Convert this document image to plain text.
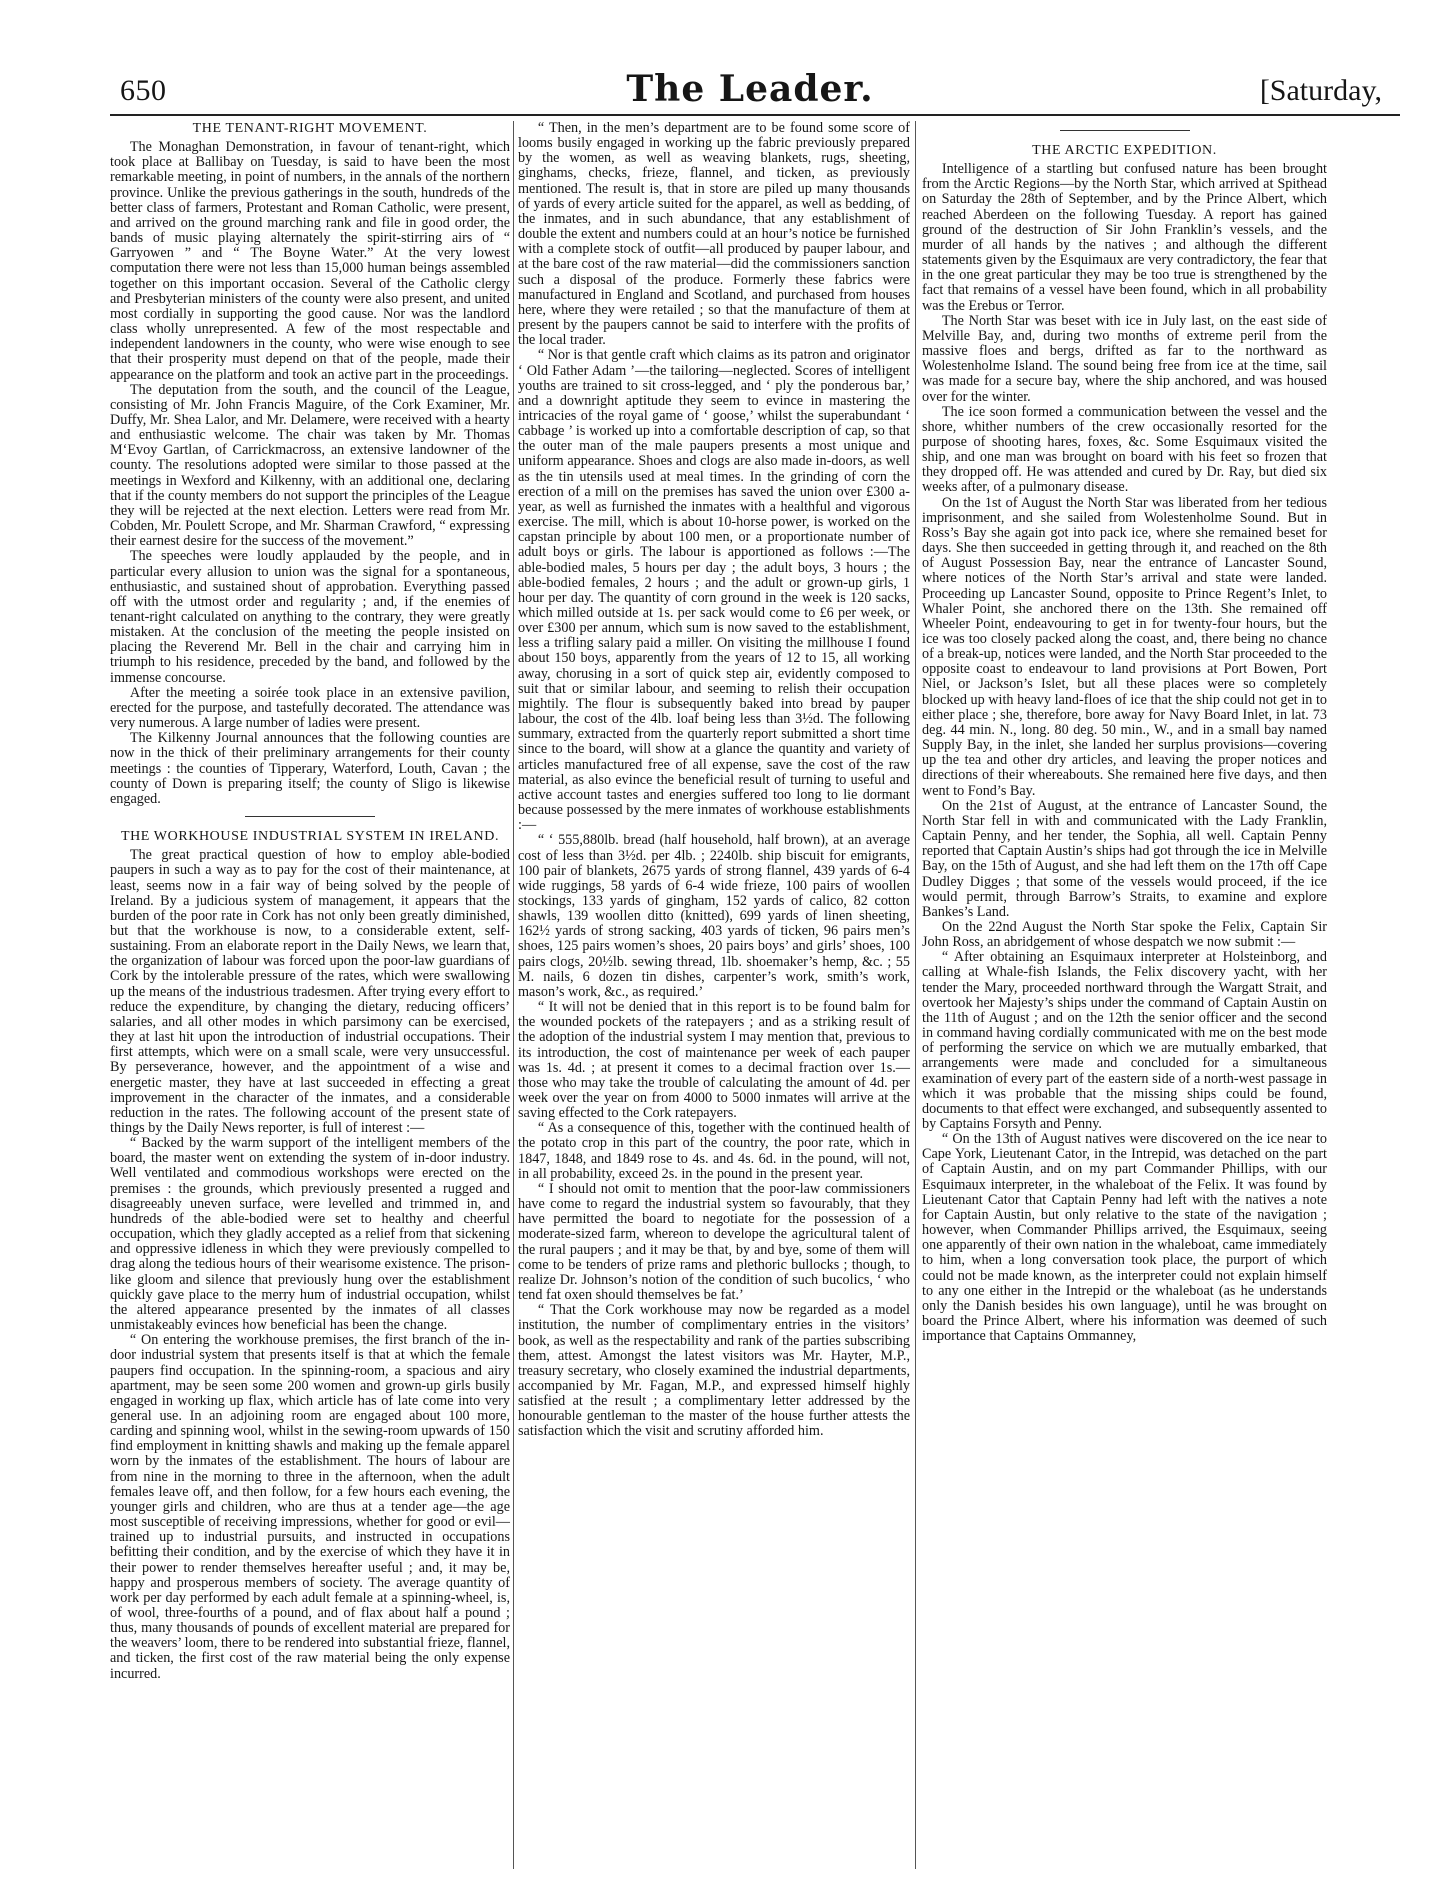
650	The Leader.	[Saturday,
THE TENANT-RIGHT MOVEMENT.

The Monaghan Demonstration, in favour of tenant-right, which took place at Ballibay on Tuesday, is said to have been the most remarkable meeting, in point of numbers, in the annals of the northern province. Unlike the previous gatherings in the south, hundreds of the better class of farmers, Protestant and Roman Catholic, were present, and arrived on the ground marching rank and file in good order, the bands of music playing alternately the spirit-stirring airs of “ Garryowen ” and “ The Boyne Water.” At the very lowest computation there were not less than 15,000 human beings assembled together on this important occasion. Several of the Catholic clergy and Presbyterian ministers of the county were also present, and united most cordially in supporting the good cause. Nor was the landlord class wholly unrepresented. A few of the most respectable and independent landowners in the county, who were wise enough to see that their prosperity must depend on that of the people, made their appearance on the platform and took an active part in the proceedings.

The deputation from the south, and the council of the League, consisting of Mr. John Francis Maguire, of the Cork Examiner, Mr. Duffy, Mr. Shea Lalor, and Mr. Delamere, were received with a hearty and enthusiastic welcome. The chair was taken by Mr. Thomas M‘Evoy Gartlan, of Carrickmacross, an extensive landowner of the county. The resolutions adopted were similar to those passed at the meetings in Wexford and Kilkenny, with an additional one, declaring that if the county members do not support the principles of the League they will be rejected at the next election. Letters were read from Mr. Cobden, Mr. Poulett Scrope, and Mr. Sharman Crawford, “ expressing their earnest desire for the success of the movement.”

The speeches were loudly applauded by the people, and in particular every allusion to union was the signal for a spontaneous, enthusiastic, and sustained shout of approbation. Everything passed off with the utmost order and regularity ; and, if the enemies of tenant-right calculated on anything to the contrary, they were greatly mistaken. At the conclusion of the meeting the people insisted on placing the Reverend Mr. Bell in the chair and carrying him in triumph to his residence, preceded by the band, and followed by the immense concourse.

After the meeting a soirée took place in an extensive pavilion, erected for the purpose, and tastefully decorated. The attendance was very numerous. A large number of ladies were present.

The Kilkenny Journal announces that the following counties are now in the thick of their preliminary arrangements for their county meetings : the counties of Tipperary, Waterford, Louth, Cavan ; the county of Down is preparing itself; the county of Sligo is likewise engaged.

THE WORKHOUSE INDUSTRIAL SYSTEM IN IRELAND.

The great practical question of how to employ able-bodied paupers in such a way as to pay for the cost of their maintenance, at least, seems now in a fair way of being solved by the people of Ireland. By a judicious system of management, it appears that the burden of the poor rate in Cork has not only been greatly diminished, but that the workhouse is now, to a considerable extent, self-sustaining. From an elaborate report in the Daily News, we learn that, the organization of labour was forced upon the poor-law guardians of Cork by the intolerable pressure of the rates, which were swallowing up the means of the industrious tradesmen. After trying every effort to reduce the expenditure, by changing the dietary, reducing officers’ salaries, and all other modes in which parsimony can be exercised, they at last hit upon the introduction of industrial occupations. Their first attempts, which were on a small scale, were very unsuccessful. By perseverance, however, and the appointment of a wise and energetic master, they have at last succeeded in effecting a great improvement in the character of the inmates, and a considerable reduction in the rates. The following account of the present state of things by the Daily News reporter, is full of interest :—

“ Backed by the warm support of the intelligent members of the board, the master went on extending the system of in-door industry. Well ventilated and commodious workshops were erected on the premises : the grounds, which previously presented a rugged and disagreeably uneven surface, were levelled and trimmed in, and hundreds of the able-bodied were set to healthy and cheerful occupation, which they gladly accepted as a relief from that sickening and oppressive idleness in which they were previously compelled to drag along the tedious hours of their wearisome existence. The prison-like gloom and silence that previously hung over the establishment quickly gave place to the merry hum of industrial occupation, whilst the altered appearance presented by the inmates of all classes unmistakeably evinces how beneficial has been the change.

“ On entering the workhouse premises, the first branch of the in-door industrial system that presents itself is that at which the female paupers find occupation. In the spinning-room, a spacious and airy apartment, may be seen some 200 women and grown-up girls busily engaged in working up flax, which article has of late come into very general use. In an adjoining room are engaged about 100 more, carding and spinning wool, whilst in the sewing-room upwards of 150 find employment in knitting shawls and making up the female apparel worn by the inmates of the establishment. The hours of labour are from nine in the morning to three in the afternoon, when the adult females leave off, and then follow, for a few hours each evening, the younger girls and children, who are thus at a tender age—the age most susceptible of receiving impressions, whether for good or evil—trained up to industrial pursuits, and instructed in occupations befitting their condition, and by the exercise of which they have it in their power to render themselves hereafter useful ; and, it may be, happy and prosperous members of society. The average quantity of work per day performed by each adult female at a spinning-wheel, is, of wool, three-fourths of a pound, and of flax about half a pound ; thus, many thousands of pounds of excellent material are prepared for the weavers’ loom, there to be rendered into substantial frieze, flannel, and ticken, the first cost of the raw material being the only expense incurred.

“ Then, in the men’s department are to be found some score of looms busily engaged in working up the fabric previously prepared by the women, as well as weaving blankets, rugs, sheeting, ginghams, checks, frieze, flannel, and ticken, as previously mentioned. The result is, that in store are piled up many thousands of yards of every article suited for the apparel, as well as bedding, of the inmates, and in such abundance, that any establishment of double the extent and numbers could at an hour’s notice be furnished with a complete stock of outfit—all produced by pauper labour, and at the bare cost of the raw material—did the commissioners sanction such a disposal of the produce. Formerly these fabrics were manufactured in England and Scotland, and purchased from houses here, where they were retailed ; so that the manufacture of them at present by the paupers cannot be said to interfere with the profits of the local trader.

“ Nor is that gentle craft which claims as its patron and originator ‘ Old Father Adam ’—the tailoring—neglected. Scores of intelligent youths are trained to sit cross-legged, and ‘ ply the ponderous bar,’ and a downright aptitude they seem to evince in mastering the intricacies of the royal game of ‘ goose,’ whilst the superabundant ‘ cabbage ’ is worked up into a comfortable description of cap, so that the outer man of the male paupers presents a most unique and uniform appearance. Shoes and clogs are also made in-doors, as well as the tin utensils used at meal times. In the grinding of corn the erection of a mill on the premises has saved the union over £300 a-year, as well as furnished the inmates with a healthful and vigorous exercise. The mill, which is about 10-horse power, is worked on the capstan principle by about 100 men, or a proportionate number of adult boys or girls. The labour is apportioned as follows :—The able-bodied males, 5 hours per day ; the adult boys, 3 hours ; the able-bodied females, 2 hours ; and the adult or grown-up girls, 1 hour per day. The quantity of corn ground in the week is 120 sacks, which milled outside at 1s. per sack would come to £6 per week, or over £300 per annum, which sum is now saved to the establishment, less a trifling salary paid a miller. On visiting the millhouse I found about 150 boys, apparently from the years of 12 to 15, all working away, chorusing in a sort of quick step air, evidently composed to suit that or similar labour, and seeming to relish their occupation mightily. The flour is subsequently baked into bread by pauper labour, the cost of the 4lb. loaf being less than 3½d. The following summary, extracted from the quarterly report submitted a short time since to the board, will show at a glance the quantity and variety of articles manufactured free of all expense, save the cost of the raw material, as also evince the beneficial result of turning to useful and active account tastes and energies suffered too long to lie dormant because possessed by the mere inmates of workhouse establishments :—

“ ‘ 555,880lb. bread (half household, half brown), at an average cost of less than 3½d. per 4lb. ; 2240lb. ship biscuit for emigrants, 100 pair of blankets, 2675 yards of strong flannel, 439 yards of 6-4 wide ruggings, 58 yards of 6-4 wide frieze, 100 pairs of woollen stockings, 133 yards of gingham, 152 yards of calico, 82 cotton shawls, 139 woollen ditto (knitted), 699 yards of linen sheeting, 162½ yards of strong sacking, 403 yards of ticken, 96 pairs men’s shoes, 125 pairs women’s shoes, 20 pairs boys’ and girls’ shoes, 100 pairs clogs, 20½lb. sewing thread, 1lb. shoemaker’s hemp, &c. ; 55 M. nails, 6 dozen tin dishes, carpenter’s work, smith’s work, mason’s work, &c., as required.’

“ It will not be denied that in this report is to be found balm for the wounded pockets of the ratepayers ; and as a striking result of the adoption of the industrial system I may mention that, previous to its introduction, the cost of maintenance per week of each pauper was 1s. 4d. ; at present it comes to a decimal fraction over 1s.—those who may take the trouble of calculating the amount of 4d. per week over the year on from 4000 to 5000 inmates will arrive at the saving effected to the Cork ratepayers.

“ As a consequence of this, together with the continued health of the potato crop in this part of the country, the poor rate, which in 1847, 1848, and 1849 rose to 4s. and 4s. 6d. in the pound, will not, in all probability, exceed 2s. in the pound in the present year.

“ I should not omit to mention that the poor-law commissioners have come to regard the industrial system so favourably, that they have permitted the board to negotiate for the possession of a moderate-sized farm, whereon to develope the agricultural talent of the rural paupers ; and it may be that, by and bye, some of them will come to be tenders of prize rams and plethoric bullocks ; though, to realize Dr. Johnson’s notion of the condition of such bucolics, ‘ who tend fat oxen should themselves be fat.’

“ That the Cork workhouse may now be regarded as a model institution, the number of complimentary entries in the visitors’ book, as well as the respectability and rank of the parties subscribing them, attest. Amongst the latest visitors was Mr. Hayter, M.P., treasury secretary, who closely examined the industrial departments, accompanied by Mr. Fagan, M.P., and expressed himself highly satisfied at the result ; a complimentary letter addressed by the honourable gentleman to the master of the house further attests the satisfaction which the visit and scrutiny afforded him.

THE ARCTIC EXPEDITION.

Intelligence of a startling but confused nature has been brought from the Arctic Regions—by the North Star, which arrived at Spithead on Saturday the 28th of September, and by the Prince Albert, which reached Aberdeen on the following Tuesday. A report has gained ground of the destruction of Sir John Franklin’s vessels, and the murder of all hands by the natives ; and although the different statements given by the Esquimaux are very contradictory, the fear that in the one great particular they may be too true is strengthened by the fact that remains of a vessel have been found, which in all probability was the Erebus or Terror.

The North Star was beset with ice in July last, on the east side of Melville Bay, and, during two months of extreme peril from the massive floes and bergs, drifted as far to the northward as Wolestenholme Island. The sound being free from ice at the time, sail was made for a secure bay, where the ship anchored, and was housed over for the winter.

The ice soon formed a communication between the vessel and the shore, whither numbers of the crew occasionally resorted for the purpose of shooting hares, foxes, &c. Some Esquimaux visited the ship, and one man was brought on board with his feet so frozen that they dropped off. He was attended and cured by Dr. Ray, but died six weeks after, of a pulmonary disease.

On the 1st of August the North Star was liberated from her tedious imprisonment, and she sailed from Wolestenholme Sound. But in Ross’s Bay she again got into pack ice, where she remained beset for days. She then succeeded in getting through it, and reached on the 8th of August Possession Bay, near the entrance of Lancaster Sound, where notices of the North Star’s arrival and state were landed. Proceeding up Lancaster Sound, opposite to Prince Regent’s Inlet, to Whaler Point, she anchored there on the 13th. She remained off Wheeler Point, endeavouring to get in for twenty-four hours, but the ice was too closely packed along the coast, and, there being no chance of a break-up, notices were landed, and the North Star proceeded to the opposite coast to endeavour to land provisions at Port Bowen, Port Niel, or Jackson’s Islet, but all these places were so completely blocked up with heavy land-floes of ice that the ship could not get in to either place ; she, therefore, bore away for Navy Board Inlet, in lat. 73 deg. 44 min. N., long. 80 deg. 50 min., W., and in a small bay named Supply Bay, in the inlet, she landed her surplus provisions—covering up the tea and other dry articles, and leaving the proper notices and directions of their whereabouts. She remained here five days, and then went to Fond’s Bay.

On the 21st of August, at the entrance of Lancaster Sound, the North Star fell in with and communicated with the Lady Franklin, Captain Penny, and her tender, the Sophia, all well. Captain Penny reported that Captain Austin’s ships had got through the ice in Melville Bay, on the 15th of August, and she had left them on the 17th off Cape Dudley Digges ; that some of the vessels would proceed, if the ice would permit, through Barrow’s Straits, to examine and explore Bankes’s Land.

On the 22nd August the North Star spoke the Felix, Captain Sir John Ross, an abridgement of whose despatch we now submit :—

“ After obtaining an Esquimaux interpreter at Holsteinborg, and calling at Whale-fish Islands, the Felix discovery yacht, with her tender the Mary, proceeded northward through the Wargatt Strait, and overtook her Majesty’s ships under the command of Captain Austin on the 11th of August ; and on the 12th the senior officer and the second in command having cordially communicated with me on the best mode of performing the service on which we are mutually embarked, that arrangements were made and concluded for a simultaneous examination of every part of the eastern side of a north-west passage in which it was probable that the missing ships could be found, documents to that effect were exchanged, and subsequently assented to by Captains Forsyth and Penny.

“ On the 13th of August natives were discovered on the ice near to Cape York, Lieutenant Cator, in the Intrepid, was detached on the part of Captain Austin, and on my part Commander Phillips, with our Esquimaux interpreter, in the whaleboat of the Felix. It was found by Lieutenant Cator that Captain Penny had left with the natives a note for Captain Austin, but only relative to the state of the navigation ; however, when Commander Phillips arrived, the Esquimaux, seeing one apparently of their own nation in the whaleboat, came immediately to him, when a long conversation took place, the purport of which could not be made known, as the interpreter could not explain himself to any one either in the Intrepid or the whaleboat (as he understands only the Danish besides his own language), until he was brought on board the Prince Albert, where his information was deemed of such importance that Captains Ommanney,
